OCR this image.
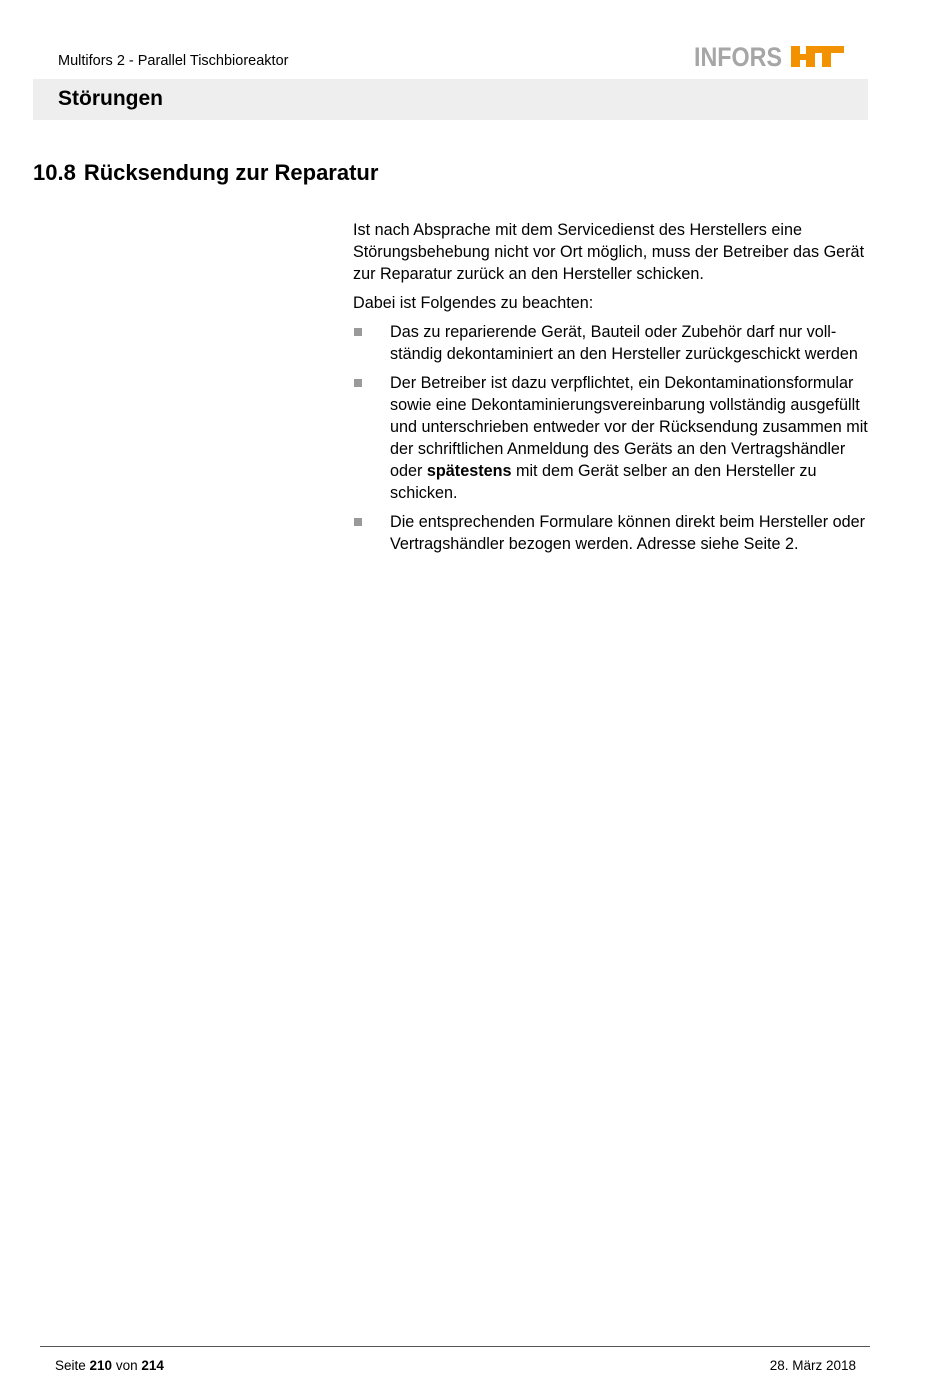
Multifors 2 - Parallel Tischbioreaktor	INFORS
Störungen
10.8 Rücksendung zur Reparatur

Ist nach Absprache mit dem Servicedienst des Herstellers eine Störungsbehebung nicht vor Ort möglich, muss der Betreiber das Gerät zur Reparatur zurück an den Hersteller schicken.

Dabei ist Folgendes zu beachten:

Das zu reparierende Gerät, Bauteil oder Zubehör darf nur vollständig dekontaminiert an den Hersteller zurückgeschickt werden
Der Betreiber ist dazu verpflichtet, ein Dekontaminationsformular sowie eine Dekontaminierungsvereinbarung vollständig ausgefüllt und unterschrieben entweder vor der Rücksendung zusammen mit der schriftlichen Anmeldung des Geräts an den Vertragshändler oder spätestens mit dem Gerät selber an den Hersteller zu schicken.
Die entsprechenden Formulare können direkt beim Hersteller oder Vertragshändler bezogen werden. Adresse siehe Seite 2.
Seite 210 von 214	28. März 2018
